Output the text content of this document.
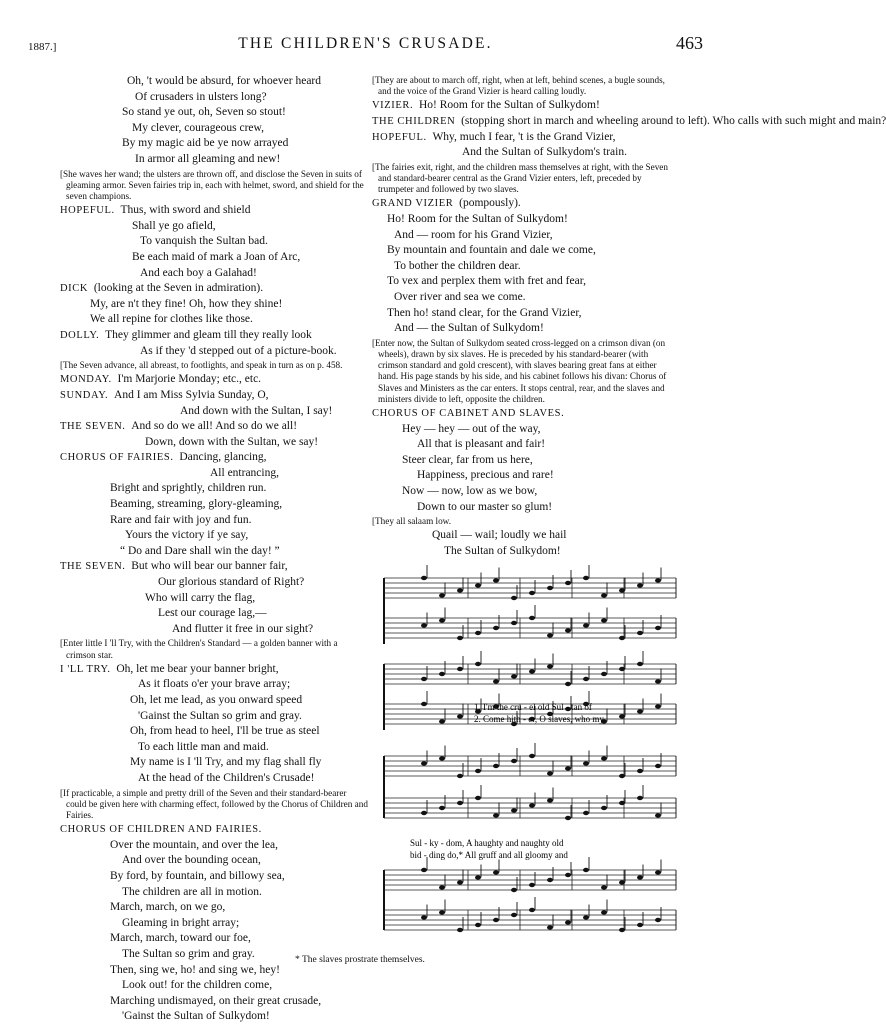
1887.]	THE CHILDREN'S CRUSADE.	463
Oh, 't would be absurd, for whoever heard
Of crusaders in ulsters long?
So stand ye out, oh, Seven so stout!
My clever, courageous crew,
By my magic aid be ye now arrayed
In armor all gleaming and new!
[She waves her wand; the ulsters are thrown off, and disclose the Seven in suits of gleaming armor. Seven fairies trip in, each with helmet, sword, and shield for the seven champions.
HOPEFUL. Thus, with sword and shield
Shall ye go afield,
To vanquish the Sultan bad.
Be each maid of mark a Joan of Arc,
And each boy a Galahad!
DICK (looking at the Seven in admiration).
My, are n't they fine! Oh, how they shine!
We all repine for clothes like those.
DOLLY. They glimmer and gleam till they really look
As if they 'd stepped out of a picture-book.
[The Seven advance, all abreast, to footlights, and speak in turn as on p. 458.
MONDAY. I'm Marjorie Monday; etc., etc.
SUNDAY. And I am Miss Sylvia Sunday, O,
And down with the Sultan, I say!
THE SEVEN. And so do we all! And so do we all!
Down, down with the Sultan, we say!
CHORUS OF FAIRIES. Dancing, glancing,
All entrancing,
Bright and sprightly, children run.
Beaming, streaming, glory-gleaming,
Rare and fair with joy and fun.
Yours the victory if ye say,
“ Do and Dare shall win the day! ”
THE SEVEN. But who will bear our banner fair,
Our glorious standard of Right?
Who will carry the flag,
Lest our courage lag,—
And flutter it free in our sight?
[Enter little I 'll Try, with the Children's Standard — a golden banner with a crimson star.
I 'LL TRY. Oh, let me bear your banner bright,
As it floats o'er your brave array;
Oh, let me lead, as you onward speed
'Gainst the Sultan so grim and gray.
Oh, from head to heel, I'll be true as steel
To each little man and maid.
My name is I 'll Try, and my flag shall fly
At the head of the Children's Crusade!
[If practicable, a simple and pretty drill of the Seven and their standard-bearer could be given here with charming effect, followed by the Chorus of Children and Fairies.
CHORUS OF CHILDREN AND FAIRIES.
Over the mountain, and over the lea,
And over the bounding ocean,
By ford, by fountain, and billowy sea,
The children are all in motion.
March, march, on we go,
Gleaming in bright array;
March, march, toward our foe,
The Sultan so grim and gray.
Then, sing we, ho! and sing we, hey!
Look out! for the children come,
Marching undismayed, on their great crusade,
'Gainst the Sultan of Sulkydom!
[They are about to march off, right, when at left, behind scenes, a bugle sounds, and the voice of the Grand Vizier is heard calling loudly.
VIZIER. Ho! Room for the Sultan of Sulkydom!
THE CHILDREN (stopping short in march and wheeling around to left). Who calls with such might and main?
HOPEFUL. Why, much I fear, 't is the Grand Vizier,
And the Sultan of Sulkydom's train.
[The fairies exit, right, and the children mass themselves at right, with the Seven and standard-bearer central as the Grand Vizier enters, left, preceded by trumpeter and followed by two slaves.
GRAND VIZIER (pompously).
Ho! Room for the Sultan of Sulkydom!
And — room for his Grand Vizier,
By mountain and fountain and dale we come,
To bother the children dear.
To vex and perplex them with fret and fear,
Over river and sea we come.
Then ho! stand clear, for the Grand Vizier,
And — the Sultan of Sulkydom!
[Enter now, the Sultan of Sulkydom seated cross-legged on a crimson divan (on wheels), drawn by six slaves. He is preceded by his standard-bearer (with crimson standard and gold crescent), with slaves bearing great fans at either hand. His page stands by his side, and his cabinet follows his divan: Chorus of Slaves and Ministers as the car enters. It stops central, rear, and the slaves and ministers divide to left, opposite the children.
CHORUS OF CABINET AND SLAVES.
Hey — hey — out of the way,
All that is pleasant and fair!
Steer clear, far from us here,
Happiness, precious and rare!
Now — now, low as we bow,
Down to our master so glum!
[They all salaam low.
Quail — wail; loudly we hail
The Sultan of Sulkydom!
1. I'm the cru - el old Sul - tan of
2. Come hith - er, O slaves, who my
Sul - ky - dom, A haughty and naughty old
bid - ding do,* All gruff and all gloomy and
* The slaves prostrate themselves.
